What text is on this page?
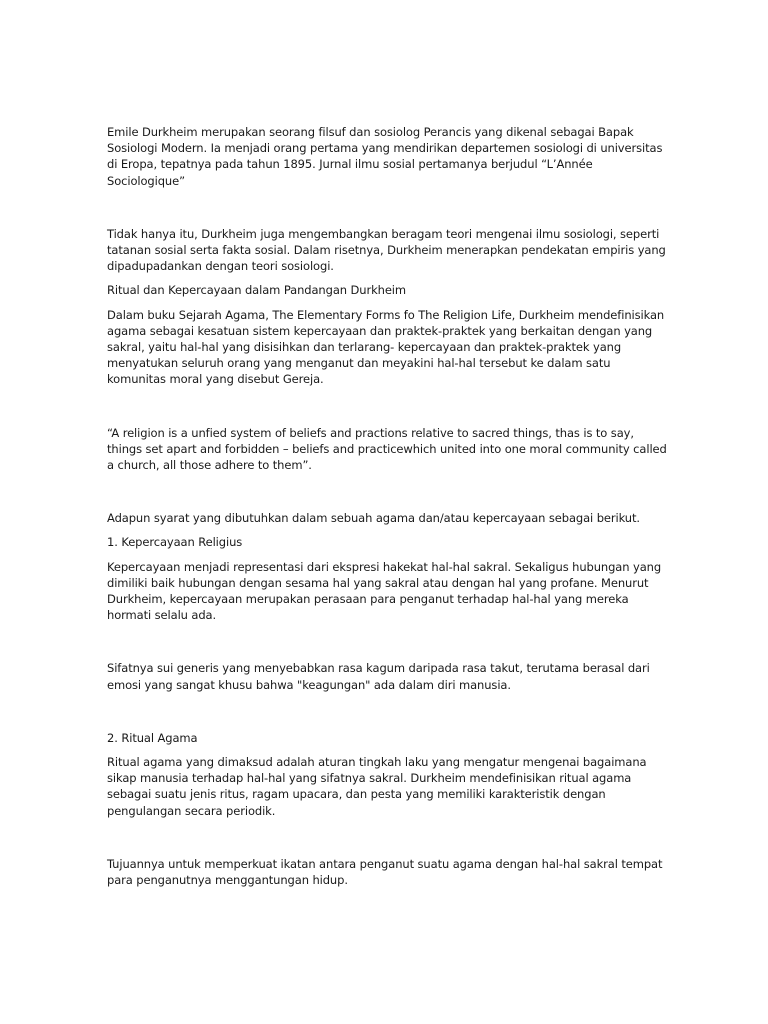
Emile Durkheim merupakan seorang filsuf dan sosiolog Perancis yang dikenal sebagai Bapak Sosiologi Modern. Ia menjadi orang pertama yang mendirikan departemen sosiologi di universitas di Eropa, tepatnya pada tahun 1895. Jurnal ilmu sosial pertamanya berjudul “L’Année Sociologique”

Tidak hanya itu, Durkheim juga mengembangkan beragam teori mengenai ilmu sosiologi, seperti tatanan sosial serta fakta sosial. Dalam risetnya, Durkheim menerapkan pendekatan empiris yang dipadupadankan dengan teori sosiologi.

Ritual dan Kepercayaan dalam Pandangan Durkheim

Dalam buku Sejarah Agama, The Elementary Forms fo The Religion Life, Durkheim mendefinisikan agama sebagai kesatuan sistem kepercayaan dan praktek-praktek yang berkaitan dengan yang sakral, yaitu hal-hal yang disisihkan dan terlarang- kepercayaan dan praktek-praktek yang menyatukan seluruh orang yang menganut dan meyakini hal-hal tersebut ke dalam satu komunitas moral yang disebut Gereja.

“A religion is a unfied system of beliefs and practions relative to sacred things, thas is to say, things set apart and forbidden – beliefs and practicewhich united into one moral community called a church, all those adhere to them”.

Adapun syarat yang dibutuhkan dalam sebuah agama dan/atau kepercayaan sebagai berikut.

1. Kepercayaan Religius

Kepercayaan menjadi representasi dari ekspresi hakekat hal-hal sakral. Sekaligus hubungan yang dimiliki baik hubungan dengan sesama hal yang sakral atau dengan hal yang profane. Menurut Durkheim, kepercayaan merupakan perasaan para penganut terhadap hal-hal yang mereka hormati selalu ada.

Sifatnya sui generis yang menyebabkan rasa kagum daripada rasa takut, terutama berasal dari emosi yang sangat khusu bahwa "keagungan" ada dalam diri manusia.

2. Ritual Agama

Ritual agama yang dimaksud adalah aturan tingkah laku yang mengatur mengenai bagaimana sikap manusia terhadap hal-hal yang sifatnya sakral. Durkheim mendefinisikan ritual agama sebagai suatu jenis ritus, ragam upacara, dan pesta yang memiliki karakteristik dengan pengulangan secara periodik.

Tujuannya untuk memperkuat ikatan antara penganut suatu agama dengan hal-hal sakral tempat para penganutnya menggantungan hidup.
